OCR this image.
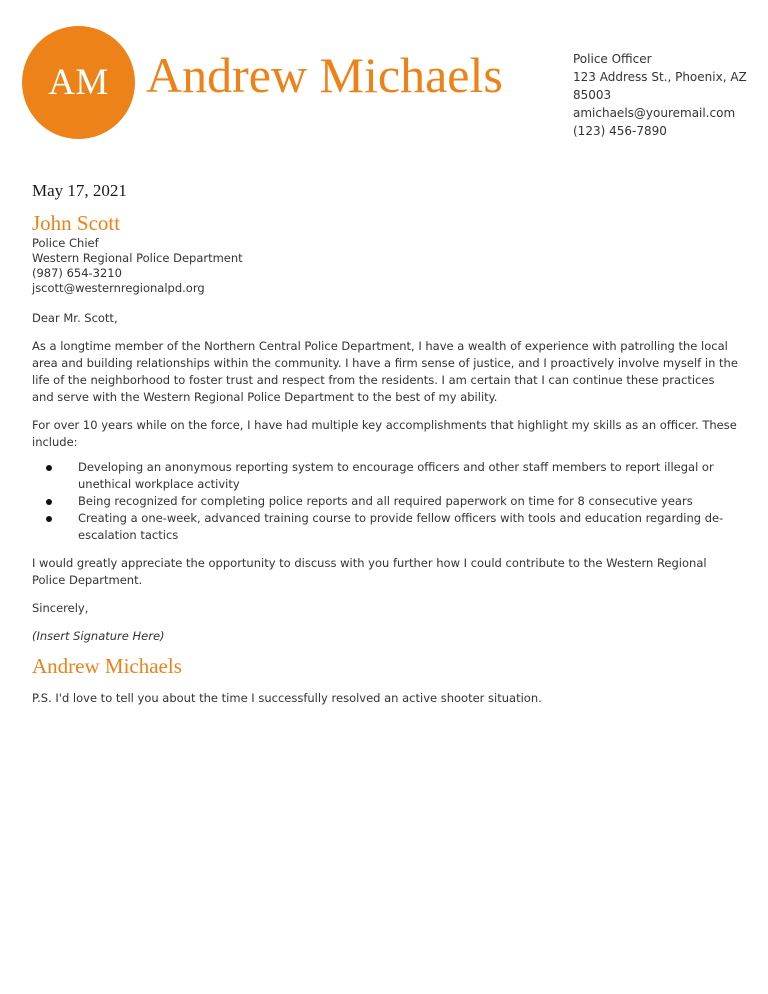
AM Andrew Michaels	Police Officer
123 Address St., Phoenix, AZ
85003
amichaels@youremail.com
(123) 456-7890
May 17, 2021
John Scott
Police Chief
Western Regional Police Department
(987) 654-3210
jscott@westernregionalpd.org
Dear Mr. Scott,
As a longtime member of the Northern Central Police Department, I have a wealth of experience with patrolling the local area and building relationships within the community. I have a firm sense of justice, and I proactively involve myself in the life of the neighborhood to foster trust and respect from the residents. I am certain that I can continue these practices and serve with the Western Regional Police Department to the best of my ability.
For over 10 years while on the force, I have had multiple key accomplishments that highlight my skills as an officer. These include:
Developing an anonymous reporting system to encourage officers and other staff members to report illegal or unethical workplace activity
Being recognized for completing police reports and all required paperwork on time for 8 consecutive years
Creating a one-week, advanced training course to provide fellow officers with tools and education regarding de-escalation tactics
I would greatly appreciate the opportunity to discuss with you further how I could contribute to the Western Regional Police Department.
Sincerely,
(Insert Signature Here)
Andrew Michaels
P.S. I'd love to tell you about the time I successfully resolved an active shooter situation.
